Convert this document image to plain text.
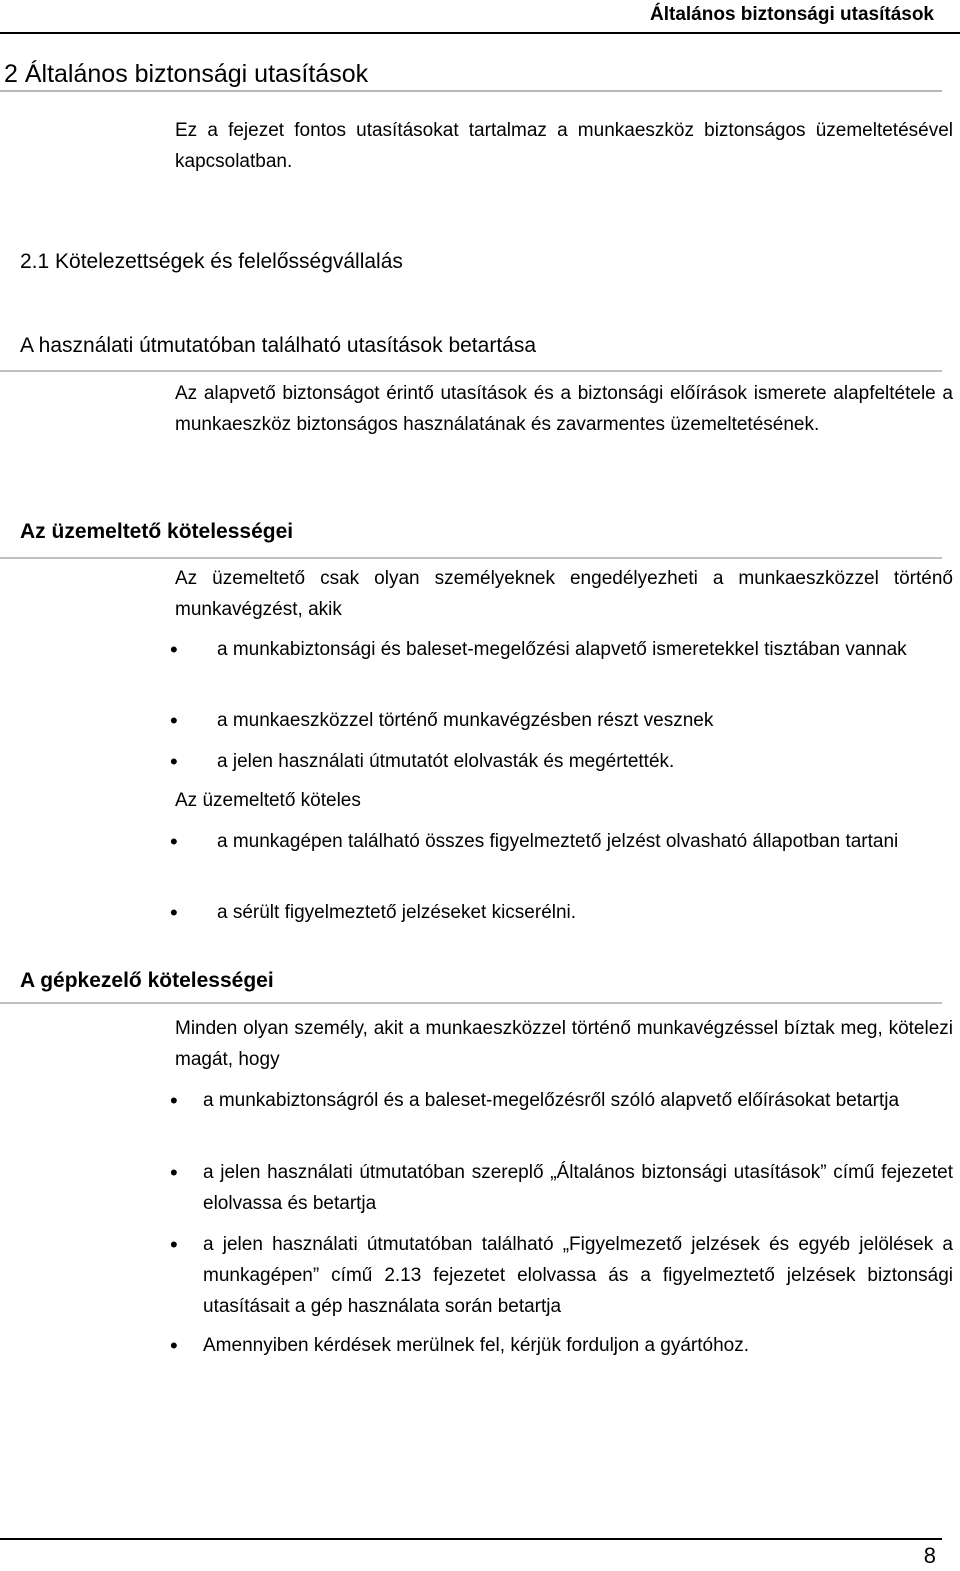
Általános biztonsági utasítások
2 Általános biztonsági utasítások
Ez a fejezet fontos utasításokat tartalmaz a munkaeszköz biztonságos üzemeltetésével kapcsolatban.
2.1 Kötelezettségek és felelősségvállalás
A használati útmutatóban található utasítások betartása
Az alapvető biztonságot érintő utasítások és a biztonsági előírások ismerete alapfeltétele a munkaeszköz biztonságos használatának és zavarmentes üzemeltetésének.
Az üzemeltető kötelességei
Az üzemeltető csak olyan személyeknek engedélyezheti a munkaeszközzel történő munkavégzést, akik
• a munkabiztonsági és baleset-megelőzési alapvető ismeretekkel tisztában vannak
• a munkaeszközzel történő munkavégzésben részt vesznek
• a jelen használati útmutatót elolvasták és megértették.
Az üzemeltető köteles
• a munkagépen található összes figyelmeztető jelzést olvasható állapotban tartani
• a sérült figyelmeztető jelzéseket kicserélni.
A gépkezelő kötelességei
Minden olyan személy, akit a munkaeszközzel történő munkavégzéssel bíztak meg, kötelezi magát, hogy
• a munkabiztonságról és a baleset-megelőzésről szóló alapvető előírásokat betartja
• a jelen használati útmutatóban szereplő „Általános biztonsági utasítások” című fejezetet elolvassa és betartja
• a jelen használati útmutatóban található „Figyelmezető jelzések és egyéb jelölések a munkagépen” című 2.13 fejezetet elolvassa ás a figyelmeztető jelzések biztonsági utasításait a gép használata során betartja
• Amennyiben kérdések merülnek fel, kérjük forduljon a gyártóhoz.
8
